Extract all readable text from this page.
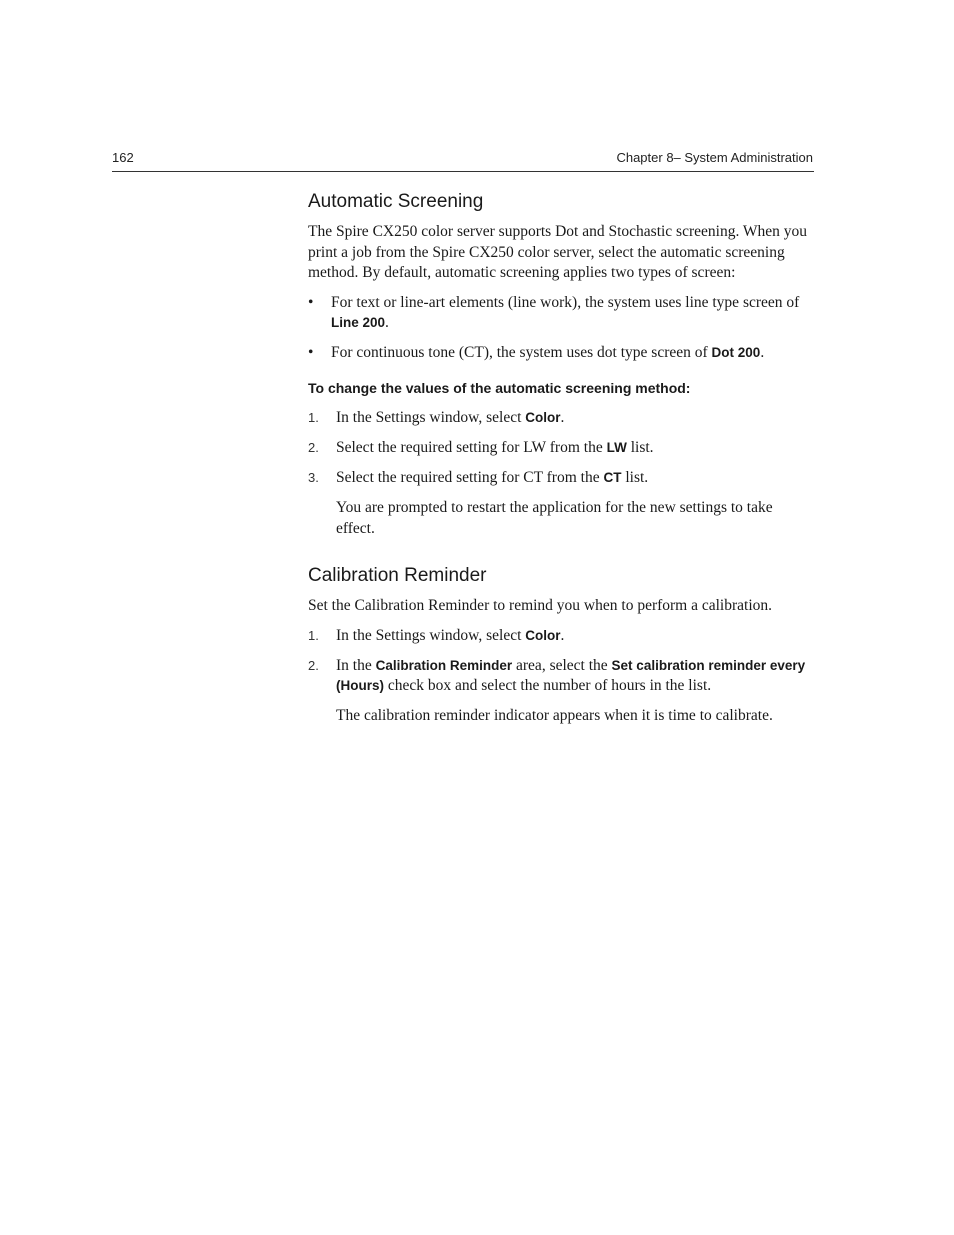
162	Chapter 8– System Administration
Automatic Screening

The Spire CX250 color server supports Dot and Stochastic screening. When you print a job from the Spire CX250 color server, select the automatic screening method. By default, automatic screening applies two types of screen:

• For text or line-art elements (line work), the system uses line type screen of Line 200.
• For continuous tone (CT), the system uses dot type screen of Dot 200.
To change the values of the automatic screening method:
1. In the Settings window, select Color.
2. Select the required setting for LW from the LW list.
3. Select the required setting for CT from the CT list.

You are prompted to restart the application for the new settings to take effect.

Calibration Reminder

Set the Calibration Reminder to remind you when to perform a calibration.

1. In the Settings window, select Color.
2. In the Calibration Reminder area, select the Set calibration reminder every (Hours) check box and select the number of hours in the list.

The calibration reminder indicator appears when it is time to calibrate.
